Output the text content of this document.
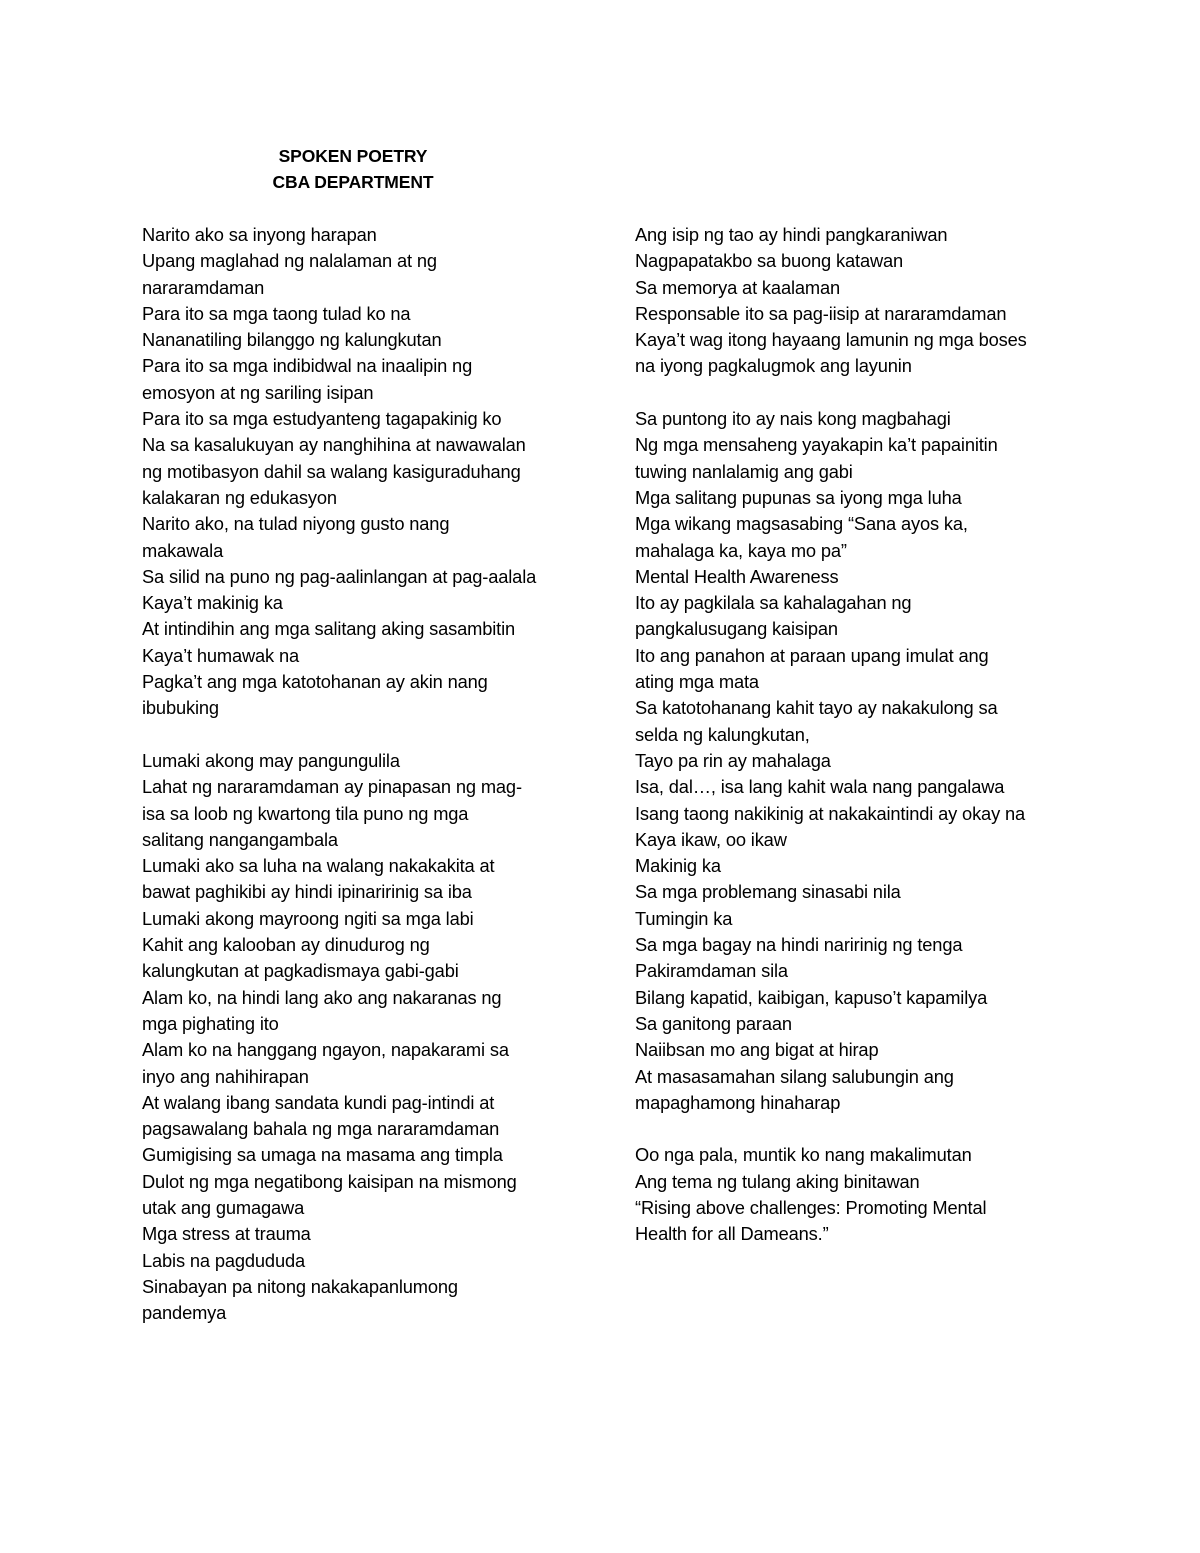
SPOKEN POETRY
CBA DEPARTMENT
Narito ako sa inyong harapan
Upang maglahad ng nalalaman at ng
nararamdaman
Para ito sa mga taong tulad ko na
Nananatiling bilanggo ng kalungkutan
Para ito sa mga indibidwal na inaalipin ng
emosyon at ng sariling isipan
Para ito sa mga estudyanteng tagapakinig ko
Na sa kasalukuyan ay nanghihina at nawawalan
ng motibasyon dahil sa walang kasiguraduhang
kalakaran ng edukasyon
Narito ako, na tulad niyong gusto nang
makawala
Sa silid na puno ng pag-aalinlangan at pag-aalala
Kaya’t makinig ka
At intindihin ang mga salitang aking sasambitin
Kaya’t humawak na
Pagka’t ang mga katotohanan ay akin nang
ibubuking
Lumaki akong may pangungulila
Lahat ng nararamdaman ay pinapasan ng mag-
isa sa loob ng kwartong tila puno ng mga
salitang nangangambala
Lumaki ako sa luha na walang nakakakita at
bawat paghikibi ay hindi ipinaririnig sa iba
Lumaki akong mayroong ngiti sa mga labi
Kahit ang kalooban ay dinudurog ng
kalungkutan at pagkadismaya gabi-gabi
Alam ko, na hindi lang ako ang nakaranas ng
mga pighating ito
Alam ko na hanggang ngayon, napakarami sa
inyo ang nahihirapan
At walang ibang sandata kundi pag-intindi at
pagsawalang bahala ng mga nararamdaman
Gumigising sa umaga na masama ang timpla
Dulot ng mga negatibong kaisipan na mismong
utak ang gumagawa
Mga stress at trauma
Labis na pagdududa
Sinabayan pa nitong nakakapanlumong
pandemya
Ang isip ng tao ay hindi pangkaraniwan
Nagpapatakbo sa buong katawan
Sa memorya at kaalaman
Responsable ito sa pag-iisip at nararamdaman
Kaya’t wag itong hayaang lamunin ng mga boses
na iyong pagkalugmok ang layunin
Sa puntong ito ay nais kong magbahagi
Ng mga mensaheng yayakapin ka’t papainitin
tuwing nanlalamig ang gabi
Mga salitang pupunas sa iyong mga luha
Mga wikang magsasabing “Sana ayos ka,
mahalaga ka, kaya mo pa”
Mental Health Awareness
Ito ay pagkilala sa kahalagahan ng
pangkalusugang kaisipan
Ito ang panahon at paraan upang imulat ang
ating mga mata
Sa katotohanang kahit tayo ay nakakulong sa
selda ng kalungkutan,
Tayo pa rin ay mahalaga
Isa, dal…, isa lang kahit wala nang pangalawa
Isang taong nakikinig at nakakaintindi ay okay na
Kaya ikaw, oo ikaw
Makinig ka
Sa mga problemang sinasabi nila
Tumingin ka
Sa mga bagay na hindi naririnig ng tenga
Pakiramdaman sila
Bilang kapatid, kaibigan, kapuso’t kapamilya
Sa ganitong paraan
Naiibsan mo ang bigat at hirap
At masasamahan silang salubungin ang
mapaghamong hinaharap
Oo nga pala, muntik ko nang makalimutan
Ang tema ng tulang aking binitawan
“Rising above challenges: Promoting Mental
Health for all Dameans.”
